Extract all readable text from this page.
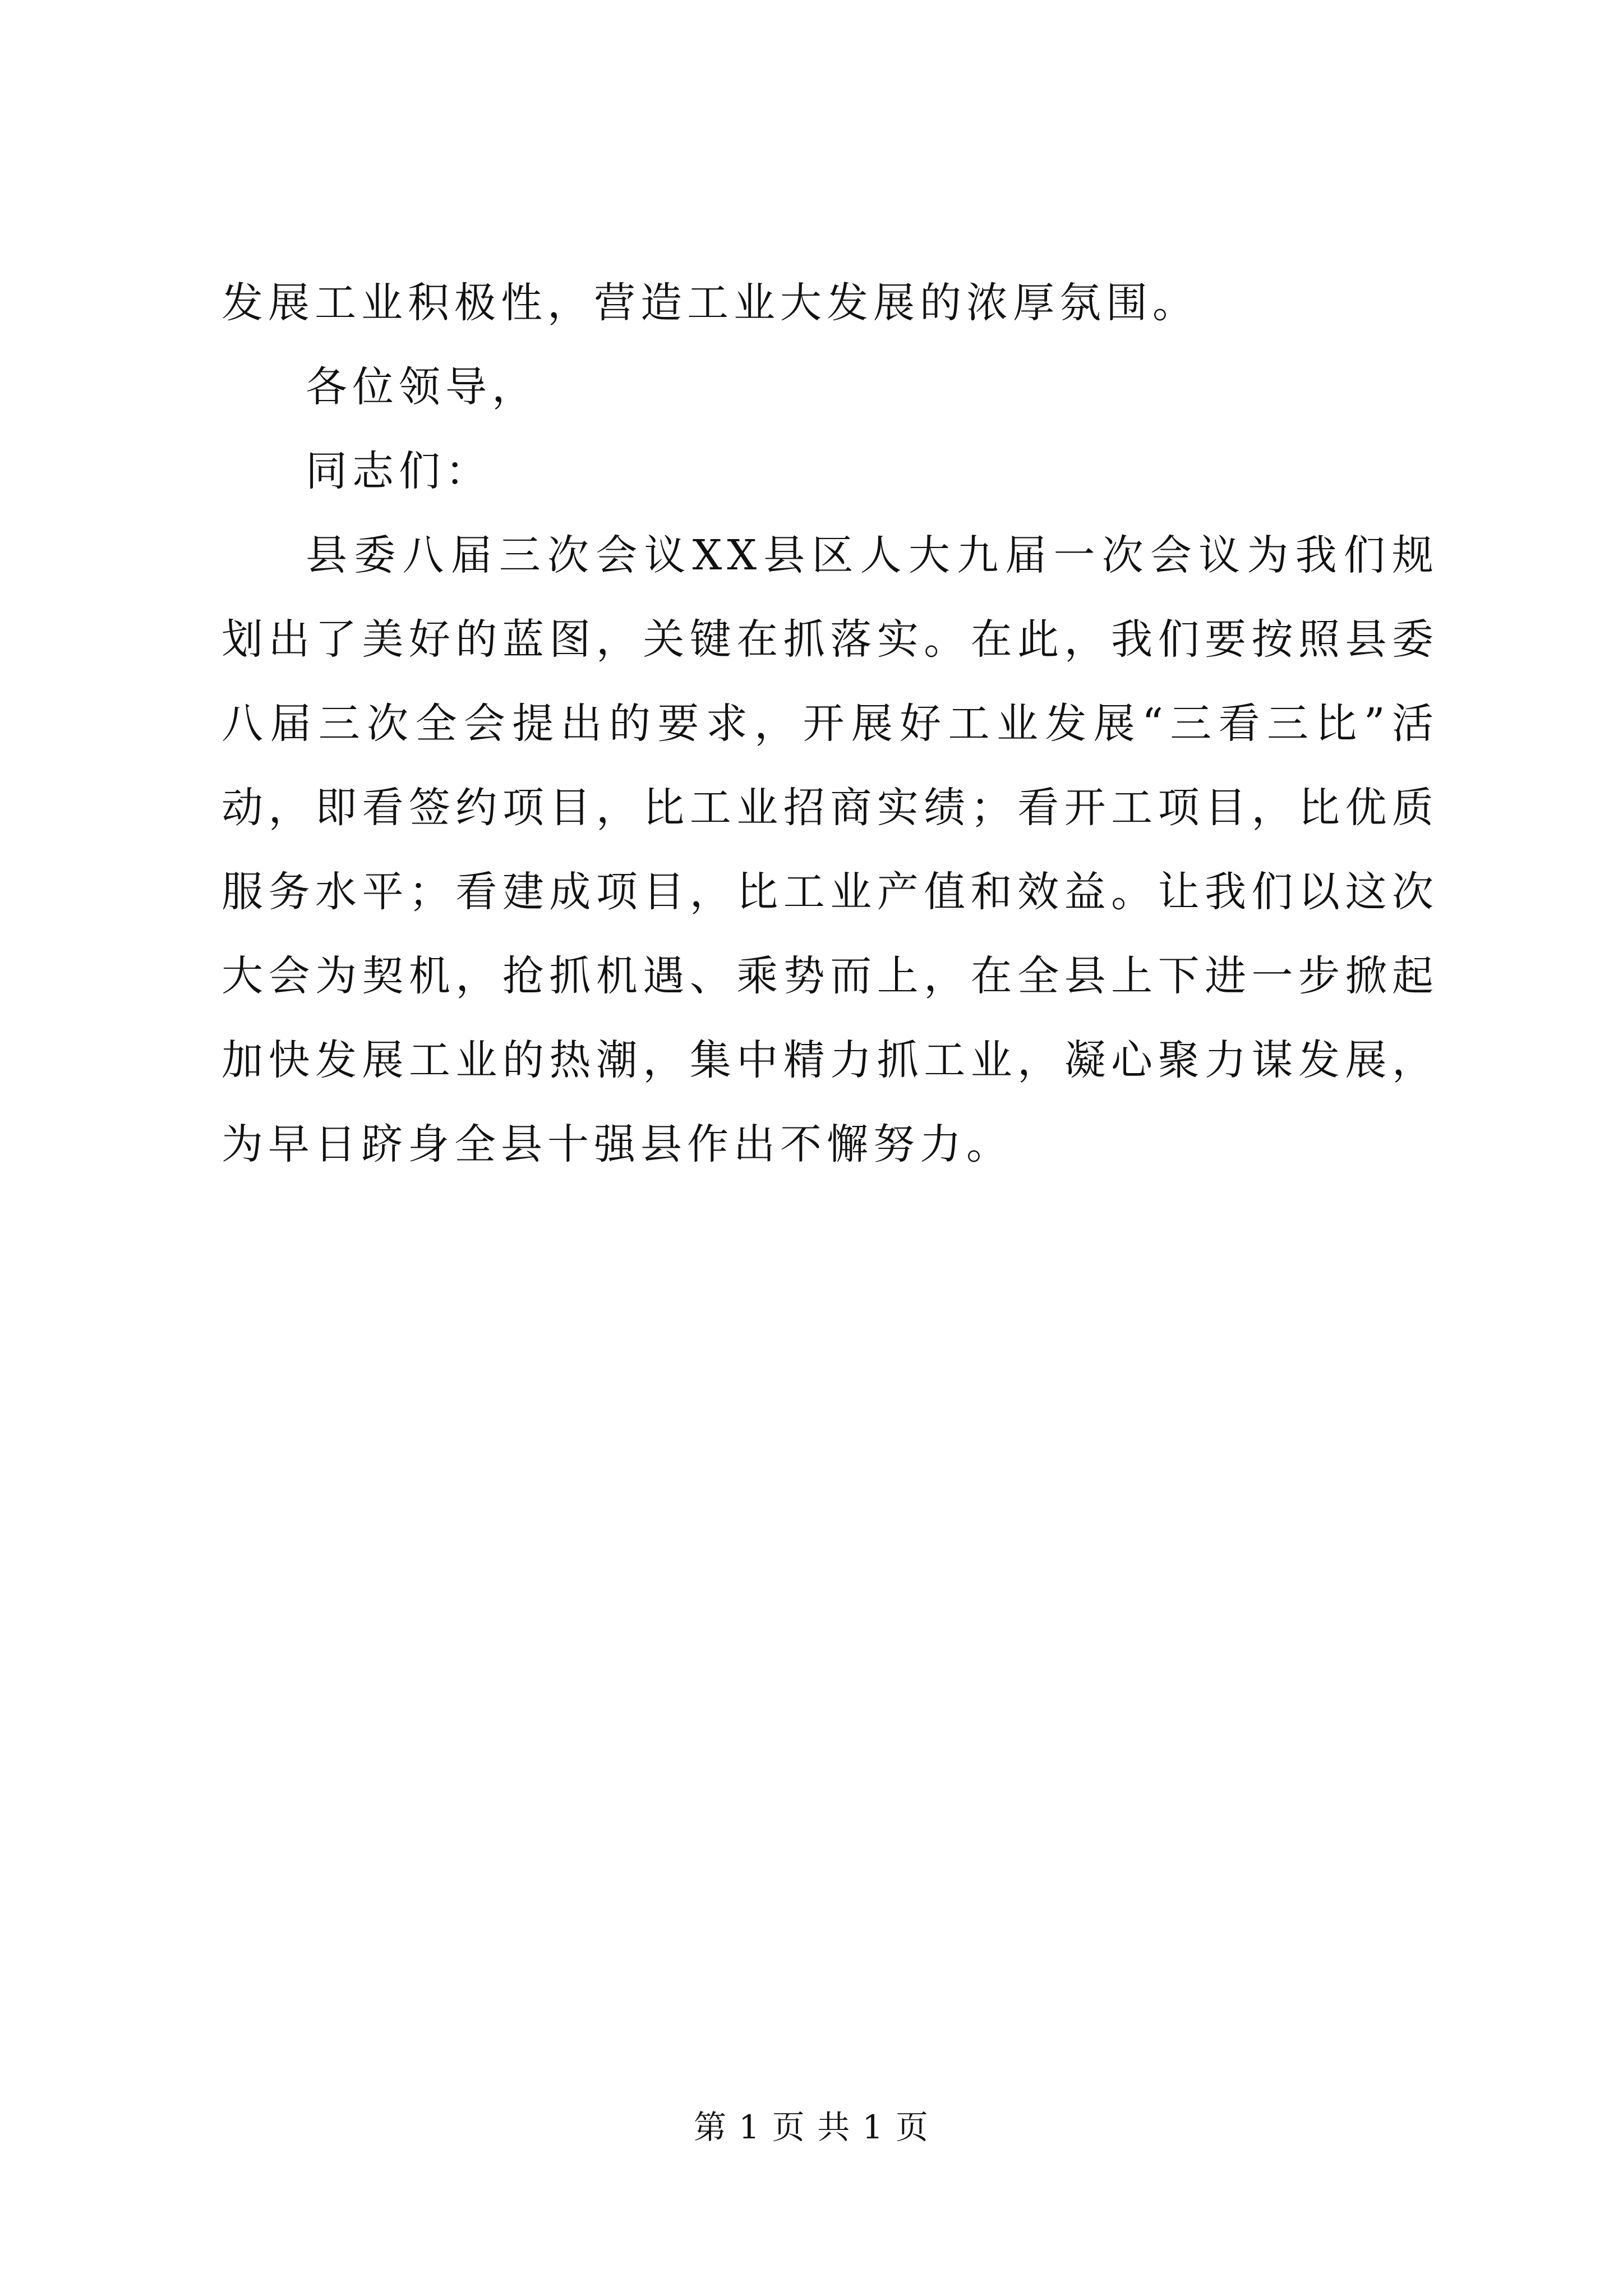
发展工业积极性，营造工业大发展的浓厚氛围。

各位领导，

同志们：

县委八届三次会议XX县区人大九届一次会议为我们规划出了美好的蓝图，关键在抓落实。在此，我们要按照县委八届三次全会提出的要求，开展好工业发展“三看三比”活动，即看签约项目，比工业招商实绩；看开工项目，比优质服务水平；看建成项目，比工业产值和效益。让我们以这次大会为契机，抢抓机遇、乘势而上，在全县上下进一步掀起加快发展工业的热潮，集中精力抓工业，凝心聚力谋发展，为早日跻身全县十强县作出不懈努力。

第 1 页 共 1 页
